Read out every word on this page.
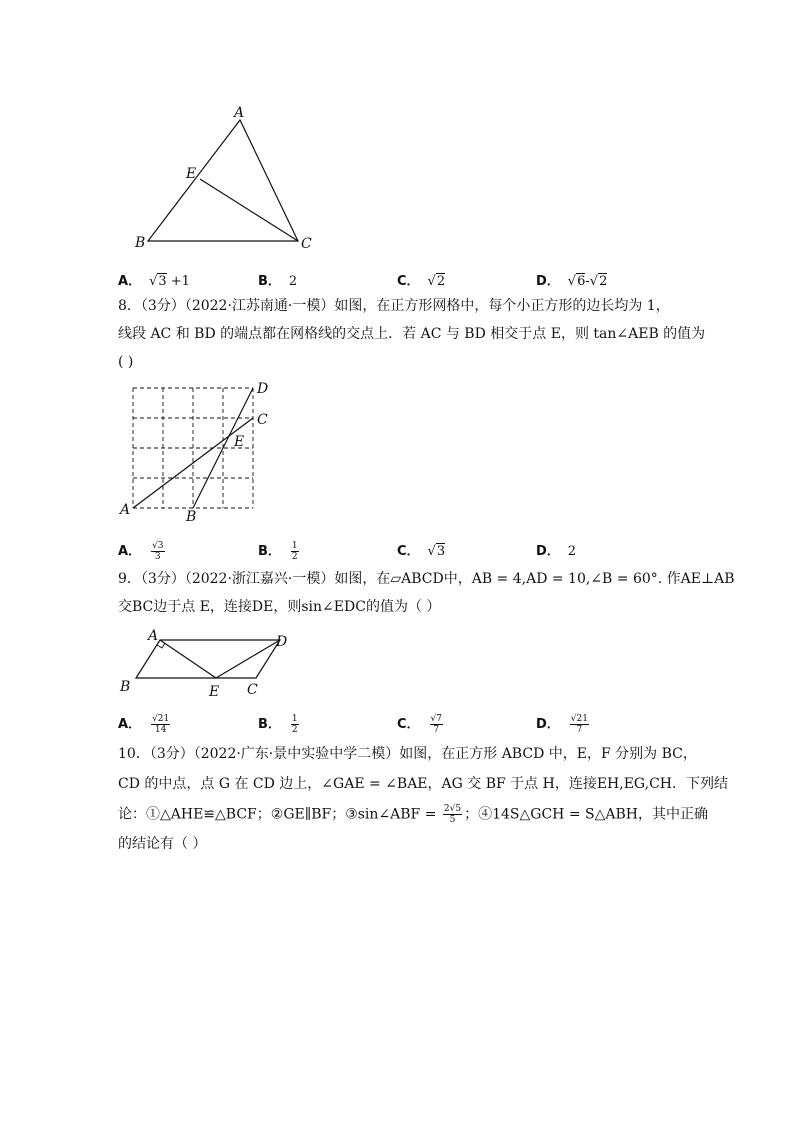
A
E
B	C
A． √3 +1	B． 2	C． √2	D． √6-√2
8．（3分）（2022·江苏南通·一模）如图，在正方形网格中，每个小正方形的边长均为 1，
线段 AC 和 BD 的端点都在网格线的交点上．若 AC 与 BD 相交于点 E，则 tan∠AEB 的值为
( )
A	B
C
D
E
A． $\frac{√3}{3}$	B． $\frac{1}{2}$	C． √3	D． 2
9．（3分）（2022·浙江嘉兴·一模）如图，在▱ABCD中，AB = 4,AD = 10,∠B = 60°. 作AE⊥AB
交BC边于点 E，连接DE，则sin∠EDC的值为（ ）
A
B	C
D
E
A． $\frac{√21}{14}$	B． $\frac{1}{2}$	C． $\frac{√7}{7}$	D． $\frac{√21}{7}$
10．（3分）（2022·广东·景中实验中学二模）如图，在正方形 ABCD 中，E，F 分别为 BC，
CD 的中点，点 G 在 CD 边上，∠GAE = ∠BAE，AG 交 BF 于点 H，连接EH,EG,CH．下列结
论：①△AHE≌△BCF；②GE∥BF；③sin∠ABF = $\frac{2√5}{5}$ ；④14S△GCH = S△ABH，其中正确
的结论有（ ）
